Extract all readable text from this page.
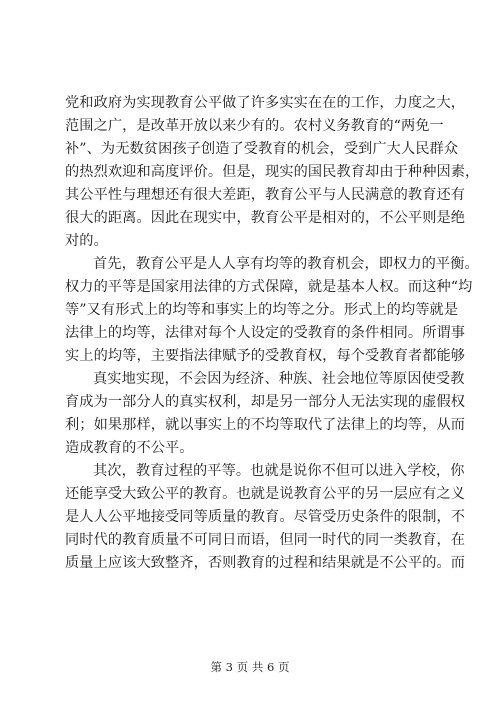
党和政府为实现教育公平做了许多实实在在的工作，力度之大，
范围之广，是改革开放以来少有的。农村义务教育的“两免一
补”、为无数贫困孩子创造了受教育的机会，受到广大人民群众
的热烈欢迎和高度评价。但是，现实的国民教育却由于种种因素，
其公平性与理想还有很大差距，教育公平与人民满意的教育还有
很大的距离。因此在现实中，教育公平是相对的，不公平则是绝
对的。
首先，教育公平是人人享有均等的教育机会，即权力的平衡。
权力的平等是国家用法律的方式保障，就是基本人权。而这种“均
等”又有形式上的均等和事实上的均等之分。形式上的均等就是
法律上的均等，法律对每个人设定的受教育的条件相同。所谓事
实上的均等，主要指法律赋予的受教育权，每个受教育者都能够
真实地实现，不会因为经济、种族、社会地位等原因使受教
育成为一部分人的真实权利，却是另一部分人无法实现的虚假权
利；如果那样，就以事实上的不均等取代了法律上的均等，从而
造成教育的不公平。
其次，教育过程的平等。也就是说你不但可以进入学校，你
还能享受大致公平的教育。也就是说教育公平的另一层应有之义
是人人公平地接受同等质量的教育。尽管受历史条件的限制，不
同时代的教育质量不可同日而语，但同一时代的同一类教育，在
质量上应该大致整齐，否则教育的过程和结果就是不公平的。而
第 3 页 共 6 页
